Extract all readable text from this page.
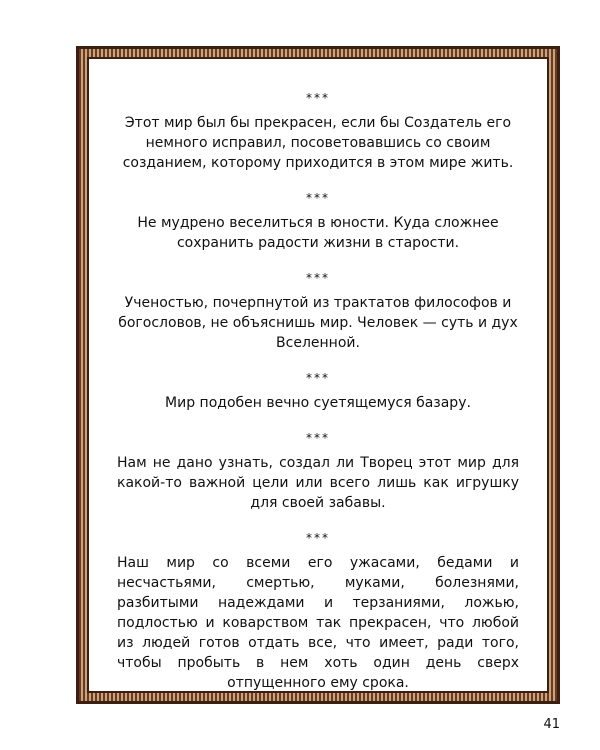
***

Этот мир был бы прекрасен, если бы Создатель его немного исправил, посоветовавшись со своим созданием, которому приходится в этом мире жить.

***

Не мудрено веселиться в юности. Куда сложнее сохранить радости жизни в старости.

***

Ученостью, почерпнутой из трактатов философов и богословов, не объяснишь мир. Человек — суть и дух Вселенной.

***

Мир подобен вечно суетящемуся базару.

***

Нам не дано узнать, создал ли Творец этот мир для какой-то важной цели или всего лишь как игрушку для своей забавы.

***

Наш мир со всеми его ужасами, бедами и несчастьями, смертью, муками, болезнями, разбитыми надеждами и терзаниями, ложью, подлостью и коварством так прекрасен, что любой из людей готов отдать все, что имеет, ради того, чтобы пробыть в нем хоть один день сверх отпущенного ему срока.

41
